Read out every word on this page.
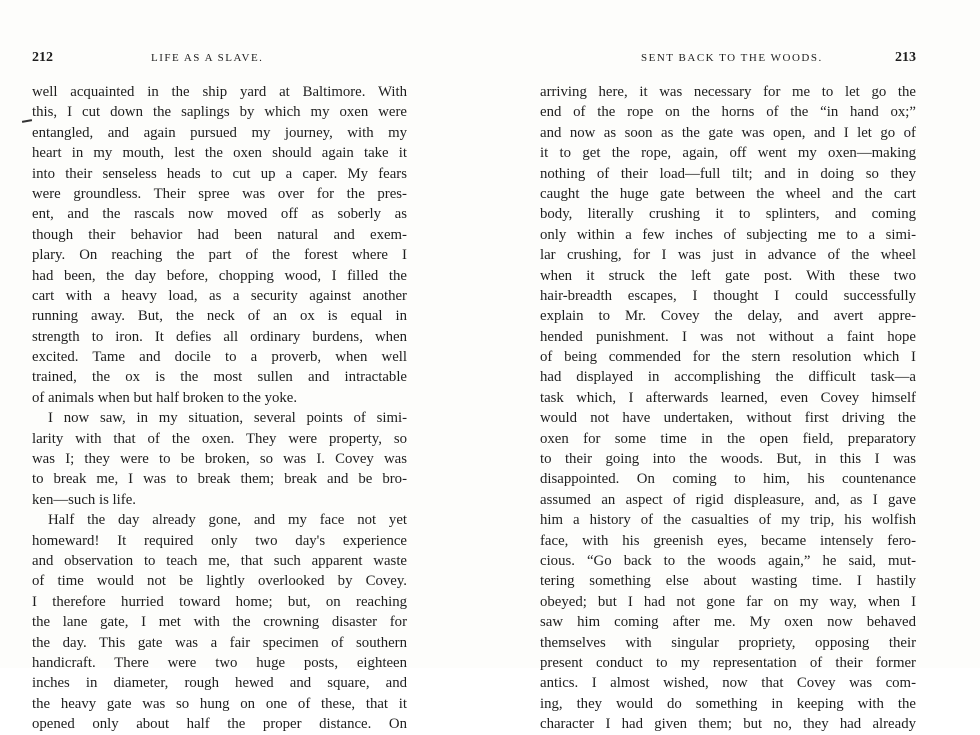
212	LIFE AS A SLAVE.
well acquainted in the ship yard at Baltimore. With
this, I cut down the saplings by which my oxen were
entangled, and again pursued my journey, with my
heart in my mouth, lest the oxen should again take it
into their senseless heads to cut up a caper. My fears
were groundless. Their spree was over for the pres-
ent, and the rascals now moved off as soberly as
though their behavior had been natural and exem-
plary. On reaching the part of the forest where I
had been, the day before, chopping wood, I filled the
cart with a heavy load, as a security against another
running away. But, the neck of an ox is equal in
strength to iron. It defies all ordinary burdens, when
excited. Tame and docile to a proverb, when well
trained, the ox is the most sullen and intractable
of animals when but half broken to the yoke.
I now saw, in my situation, several points of simi-
larity with that of the oxen. They were property, so
was I; they were to be broken, so was I. Covey was
to break me, I was to break them; break and be bro-
ken—such is life.
Half the day already gone, and my face not yet
homeward! It required only two day's experience
and observation to teach me, that such apparent waste
of time would not be lightly overlooked by Covey.
I therefore hurried toward home; but, on reaching
the lane gate, I met with the crowning disaster for
the day. This gate was a fair specimen of southern
handicraft. There were two huge posts, eighteen
inches in diameter, rough hewed and square, and
the heavy gate was so hung on one of these, that it
opened only about half the proper distance. On
SENT BACK TO THE WOODS.	213
arriving here, it was necessary for me to let go the
end of the rope on the horns of the “in hand ox;”
and now as soon as the gate was open, and I let go of
it to get the rope, again, off went my oxen—making
nothing of their load—full tilt; and in doing so they
caught the huge gate between the wheel and the cart
body, literally crushing it to splinters, and coming
only within a few inches of subjecting me to a simi-
lar crushing, for I was just in advance of the wheel
when it struck the left gate post. With these two
hair-breadth escapes, I thought I could successfully
explain to Mr. Covey the delay, and avert appre-
hended punishment. I was not without a faint hope
of being commended for the stern resolution which I
had displayed in accomplishing the difficult task—a
task which, I afterwards learned, even Covey himself
would not have undertaken, without first driving the
oxen for some time in the open field, preparatory
to their going into the woods. But, in this I was
disappointed. On coming to him, his countenance
assumed an aspect of rigid displeasure, and, as I gave
him a history of the casualties of my trip, his wolfish
face, with his greenish eyes, became intensely fero-
cious. “Go back to the woods again,” he said, mut-
tering something else about wasting time. I hastily
obeyed; but I had not gone far on my way, when I
saw him coming after me. My oxen now behaved
themselves with singular propriety, opposing their
present conduct to my representation of their former
antics. I almost wished, now that Covey was com-
ing, they would do something in keeping with the
character I had given them; but no, they had already
